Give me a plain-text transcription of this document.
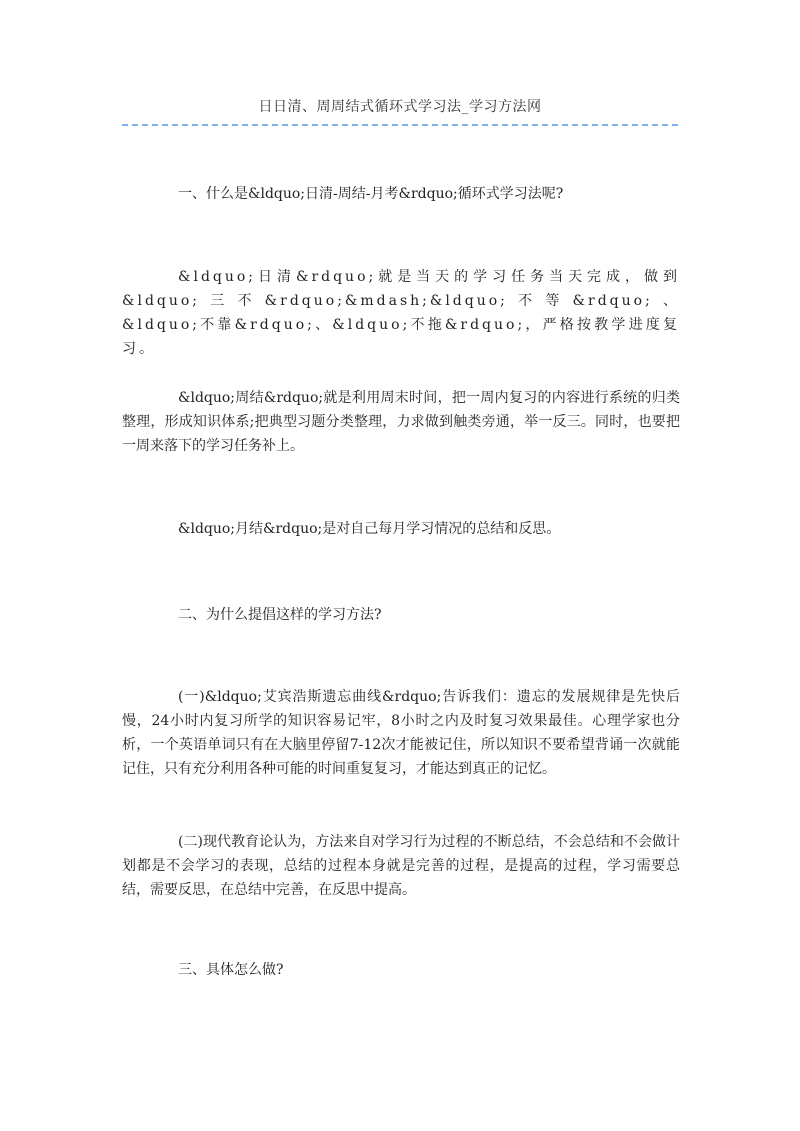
日日清、周周结式循环式学习法_学习方法网
一、什么是&ldquo;日清-周结-月考&rdquo;循环式学习法呢?
&ldquo;日清&rdquo;就是当天的学习任务当天完成，做到&ldquo;三不&rdquo;&mdash;&ldquo;不等&rdquo;、&ldquo;不靠&rdquo;、&ldquo;不拖&rdquo;，严格按教学进度复习。
&ldquo;周结&rdquo;就是利用周末时间，把一周内复习的内容进行系统的归类整理，形成知识体系;把典型习题分类整理，力求做到触类旁通，举一反三。同时，也要把一周来落下的学习任务补上。
&ldquo;月结&rdquo;是对自己每月学习情况的总结和反思。
二、为什么提倡这样的学习方法?
(一)&ldquo;艾宾浩斯遗忘曲线&rdquo;告诉我们：遗忘的发展规律是先快后慢，24小时内复习所学的知识容易记牢，8小时之内及时复习效果最佳。心理学家也分析，一个英语单词只有在大脑里停留7-12次才能被记住，所以知识不要希望背诵一次就能记住，只有充分利用各种可能的时间重复复习，才能达到真正的记忆。
(二)现代教育论认为，方法来自对学习行为过程的不断总结，不会总结和不会做计划都是不会学习的表现，总结的过程本身就是完善的过程，是提高的过程，学习需要总结，需要反思，在总结中完善，在反思中提高。
三、具体怎么做?
